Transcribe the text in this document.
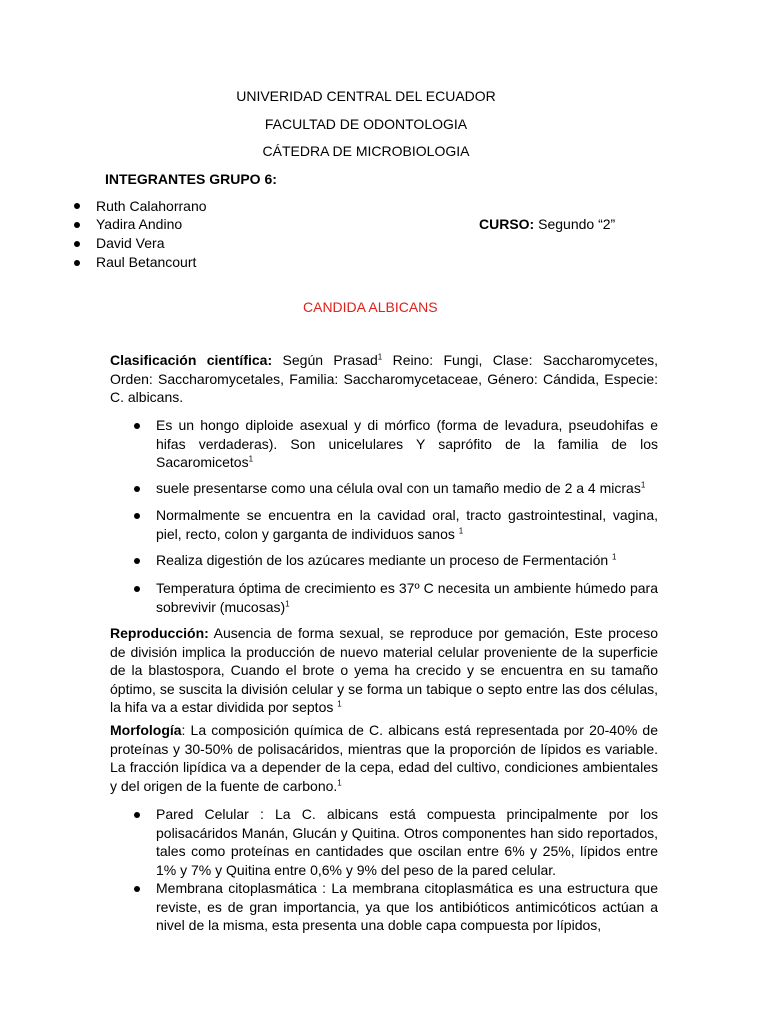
UNIVERIDAD CENTRAL DEL ECUADOR
FACULTAD DE ODONTOLOGIA
CÁTEDRA DE MICROBIOLOGIA
INTEGRANTES GRUPO 6:
Ruth Calahorrano
Yadira Andino
David Vera
Raul Betancourt
CURSO: Segundo “2”
CANDIDA ALBICANS
Clasificación científica: Según Prasad$^1$ Reino: Fungi, Clase: Saccharomycetes, Orden: Saccharomycetales, Familia: Saccharomycetaceae, Género: Cándida, Especie: C. albicans.
Es un hongo diploide asexual y di mórfico (forma de levadura, pseudohifas e hifas verdaderas). Son unicelulares Y saprófito de la familia de los Sacaromicetos$^1$
suele presentarse como una célula oval con un tamaño medio de 2 a 4 micras$^1$
Normalmente se encuentra en la cavidad oral, tracto gastrointestinal, vagina, piel, recto, colon y garganta de individuos sanos $^1$
Realiza digestión de los azúcares mediante un proceso de Fermentación $^1$
Temperatura óptima de crecimiento es 37º C necesita un ambiente húmedo para sobrevivir (mucosas)$^1$
Reproducción: Ausencia de forma sexual, se reproduce por gemación, Este proceso de división implica la producción de nuevo material celular proveniente de la superficie de la blastospora, Cuando el brote o yema ha crecido y se encuentra en su tamaño óptimo, se suscita la división celular y se forma un tabique o septo entre las dos células, la hifa va a estar dividida por septos $^1$
Morfología: La composición química de C. albicans está representada por 20-40% de proteínas y 30-50% de polisacáridos, mientras que la proporción de lípidos es variable. La fracción lipídica va a depender de la cepa, edad del cultivo, condiciones ambientales y del origen de la fuente de carbono.$^1$
Pared Celular : La C. albicans está compuesta principalmente por los polisacáridos Manán, Glucán y Quitina. Otros componentes han sido reportados, tales como proteínas en cantidades que oscilan entre 6% y 25%, lípidos entre 1% y 7% y Quitina entre 0,6% y 9% del peso de la pared celular.
Membrana citoplasmática : La membrana citoplasmática es una estructura que reviste, es de gran importancia, ya que los antibióticos antimicóticos actúan a nivel de la misma, esta presenta una doble capa compuesta por lípidos,
